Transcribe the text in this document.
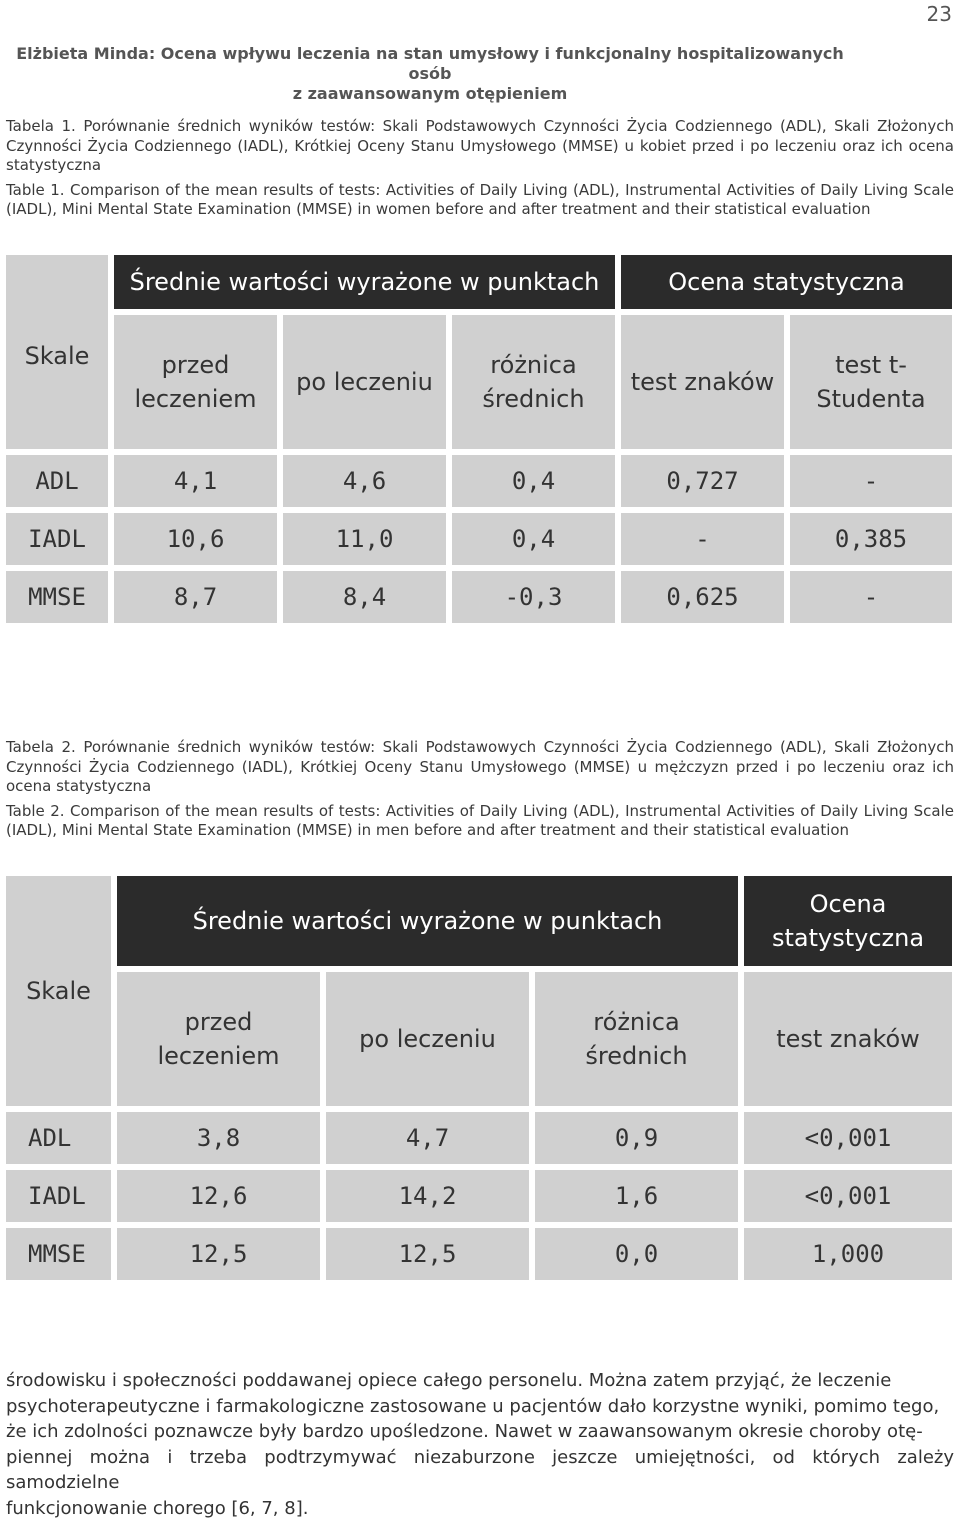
23
Elżbieta Minda: Ocena wpływu leczenia na stan umysłowy i funkcjonalny hospitalizowanych osób
z zaawansowanym otępieniem

Tabela 1. Porównanie średnich wyników testów: Skali Podstawowych Czynności Życia Codziennego (ADL), Skali Złożonych Czynności Życia Codziennego (IADL), Krótkiej Oceny Stanu Umysłowego (MMSE) u kobiet przed i po leczeniu oraz ich ocena statystyczna

Table 1. Comparison of the mean results of tests: Activities of Daily Living (ADL), Instrumental Activities of Daily Living Scale (IADL), Mini Mental State Examination (MMSE) in women before and after treatment and their statistical evaluation

Skale	Średnie wartości wyrażone w punktach			Ocena statystyczna	

	przed leczeniem	po leczeniu	różnica średnich	test znaków	test t-Studenta

ADL	4,1	4,6	0,4	0,727	-
IADL	10,6	11,0	0,4	-	0,385
MMSE	8,7	8,4	-0,3	0,625	-

Tabela 2. Porównanie średnich wyników testów: Skali Podstawowych Czynności Życia Codziennego (ADL), Skali Złożonych Czynności Życia Codziennego (IADL), Krótkiej Oceny Stanu Umysłowego (MMSE) u mężczyzn przed i po leczeniu oraz ich ocena statystyczna

Table 2. Comparison of the mean results of tests: Activities of Daily Living (ADL), Instrumental Activities of Daily Living Scale (IADL), Mini Mental State Examination (MMSE) in men before and after treatment and their statistical evaluation

Skale	Średnie wartości wyrażone w punktach			Ocena statystyczna

	przed leczeniem	po leczeniu	różnica średnich	test znaków
ADL	3,8	4,7	0,9	<0,001
IADL	12,6	14,2	1,6	<0,001
MMSE	12,5	12,5	0,0	1,000
środowisku i społeczności poddawanej opiece całego personelu. Można zatem przyjąć, że leczenie
psychoterapeutyczne i farmakologiczne zastosowane u pacjentów dało korzystne wyniki, pomimo tego,
że ich zdolności poznawcze były bardzo upośledzone. Nawet w zaawansowanym okresie choroby otę-
piennej można i trzeba podtrzymywać niezaburzone jeszcze umiejętności, od których zależy samodzielne
funkcjonowanie chorego [6, 7, 8].
